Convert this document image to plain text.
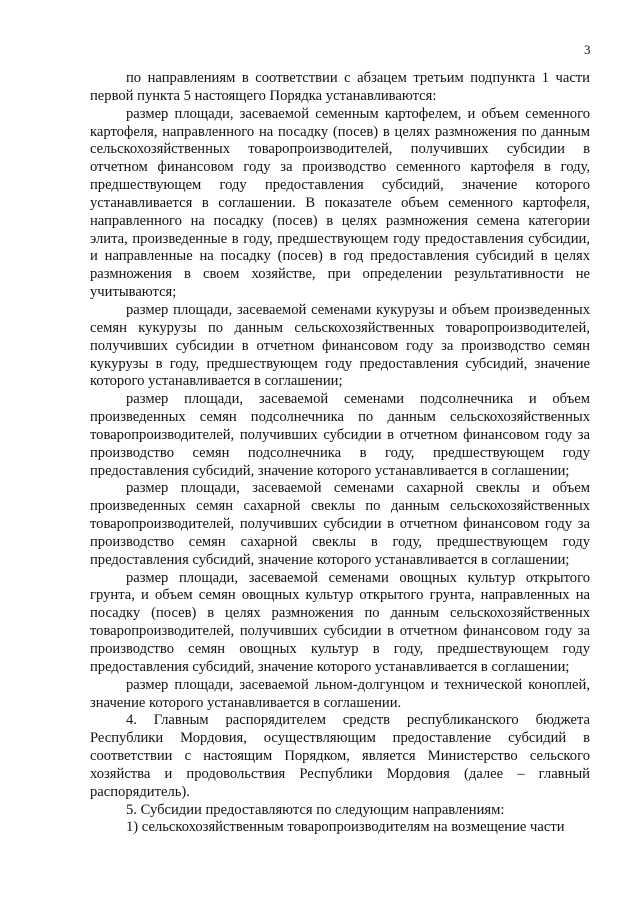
3

по направлениям в соответствии с абзацем третьим подпункта 1 части первой пункта 5 настоящего Порядка устанавливаются:

размер площади, засеваемой семенным картофелем, и объем семенного картофеля, направленного на посадку (посев) в целях размножения по данным сельскохозяйственных товаропроизводителей, получивших субсидии в отчетном финансовом году за производство семенного картофеля в году, предшествующем году предоставления субсидий, значение которого устанавливается в соглашении. В показателе объем семенного картофеля, направленного на посадку (посев) в целях размножения семена категории элита, произведенные в году, предшествующем году предоставления субсидии, и направленные на посадку (посев) в год предоставления субсидий в целях размножения в своем хозяйстве, при определении результативности не учитываются;

размер площади, засеваемой семенами кукурузы и объем произведенных семян кукурузы по данным сельскохозяйственных товаропроизводителей, получивших субсидии в отчетном финансовом году за производство семян кукурузы в году, предшествующем году предоставления субсидий, значение которого устанавливается в соглашении;

размер площади, засеваемой семенами подсолнечника и объем произведенных семян подсолнечника по данным сельскохозяйственных товаропроизводителей, получивших субсидии в отчетном финансовом году за производство семян подсолнечника в году, предшествующем году предоставления субсидий, значение которого устанавливается в соглашении;

размер площади, засеваемой семенами сахарной свеклы и объем произведенных семян сахарной свеклы по данным сельскохозяйственных товаропроизводителей, получивших субсидии в отчетном финансовом году за производство семян сахарной свеклы в году, предшествующем году предоставления субсидий, значение которого устанавливается в соглашении;

размер площади, засеваемой семенами овощных культур открытого грунта, и объем семян овощных культур открытого грунта, направленных на посадку (посев) в целях размножения по данным сельскохозяйственных товаропроизводителей, получивших субсидии в отчетном финансовом году за производство семян овощных культур в году, предшествующем году предоставления субсидий, значение которого устанавливается в соглашении;

размер площади, засеваемой льном-долгунцом и технической коноплей, значение которого устанавливается в соглашении.

4. Главным распорядителем средств республиканского бюджета Республики Мордовия, осуществляющим предоставление субсидий в соответствии с настоящим Порядком, является Министерство сельского хозяйства и продовольствия Республики Мордовия (далее – главный распорядитель).

5. Субсидии предоставляются по следующим направлениям:

1) сельскохозяйственным товаропроизводителям на возмещение части
